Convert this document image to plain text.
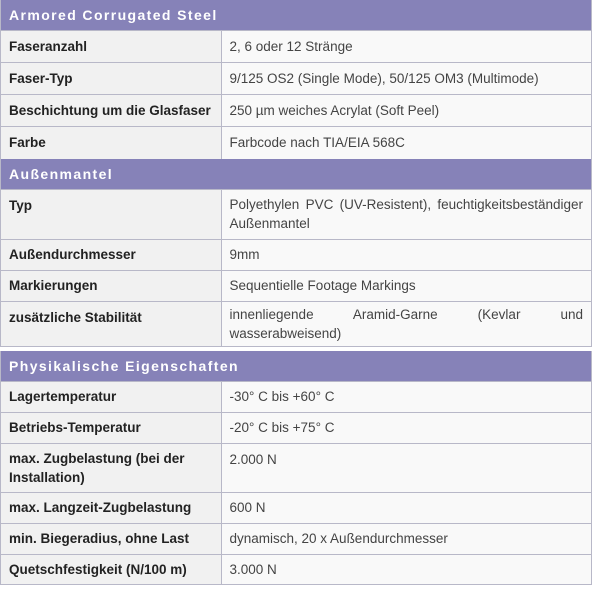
Armored Corrugated Steel
Faseranzahl	2, 6 oder 12 Stränge
Faser-Typ	9/125 OS2 (Single Mode), 50/125 OM3 (Multimode)
Beschichtung um die Glasfaser	250 µm weiches Acrylat (Soft Peel)
Farbe	Farbcode nach TIA/EIA 568C
Außenmantel
Typ	Polyethylen PVC (UV-Resistent), feuchtigkeitsbeständiger Außenmantel
Außendurchmesser	9mm
Markierungen	Sequentielle Footage Markings
zusätzliche Stabilität	innenliegende Aramid-Garne (Kevlar und wasserabweisend)
Physikalische Eigenschaften
Lagertemperatur	-30° C bis +60° C
Betriebs-Temperatur	-20° C bis +75° C
max. Zugbelastung (bei der Installation)	2.000 N
max. Langzeit-Zugbelastung	600 N
min. Biegeradius, ohne Last	dynamisch, 20 x Außendurchmesser
Quetschfestigkeit (N/100 m)	3.000 N
